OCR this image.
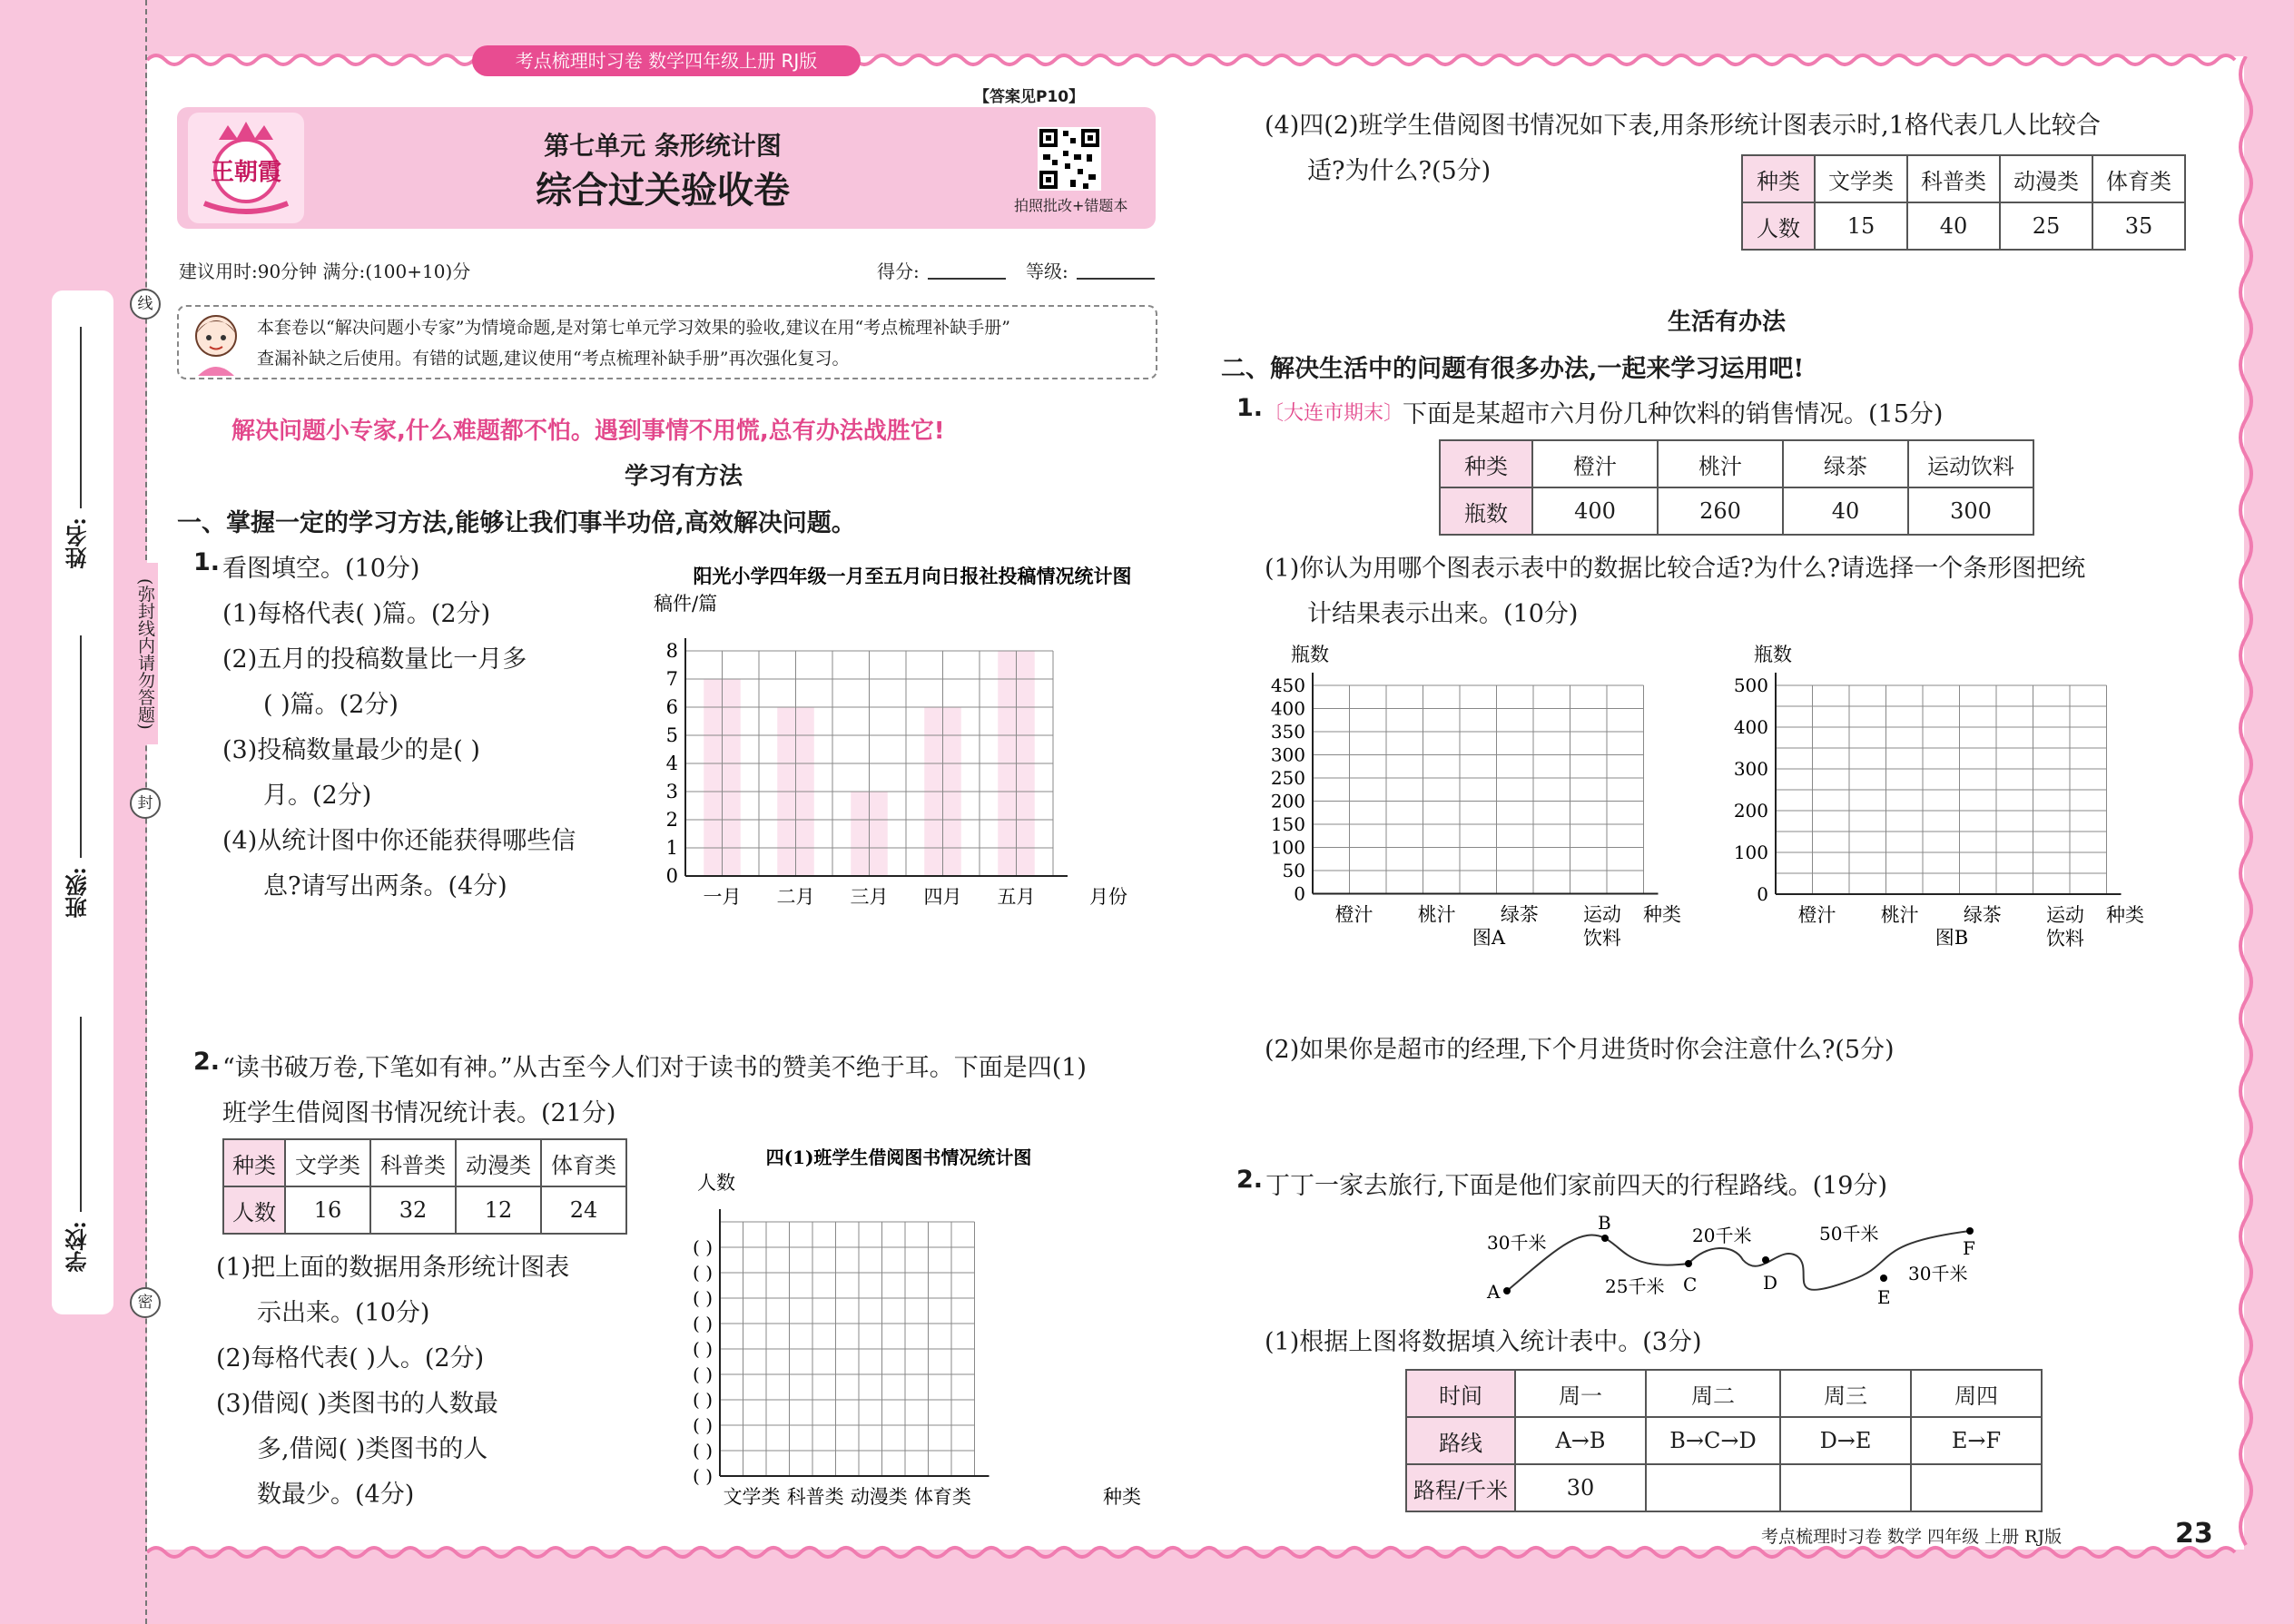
姓名:
班级:
学校:
线
(弥封线内请勿答题)
封
密
考点梳理时习卷 数学四年级上册 RJ版
王朝霞
【答案见P10】
第七单元 条形统计图
综合过关验收卷	拍照批改+错题本
建议用时:90分钟 满分:(100+10)分	得分:	等级:
本套卷以“解决问题小专家”为情境命题,是对第七单元学习效果的验收,建议在用“考点梳理补缺手册”
查漏补缺之后使用。有错的试题,建议使用“考点梳理补缺手册”再次强化复习。
解决问题小专家,什么难题都不怕。遇到事情不用慌,总有办法战胜它!
学习有方法
一、掌握一定的学习方法,能够让我们事半功倍,高效解决问题。
1. 看图填空。(10分)
(1)每格代表( )篇。(2分)
(2)五月的投稿数量比一月多
( )篇。(2分)
(3)投稿数量最少的是( )
月。(2分)
(4)从统计图中你还能获得哪些信
息?请写出两条。(4分)
阳光小学四年级一月至五月向日报社投稿情况统计图
稿件/篇
0
1
2
3
4
5
6
7
8
一月 二月 三月 四月 五月	月份
2. “读书破万卷,下笔如有神。”从古至今人们对于读书的赞美不绝于耳。下面是四(1)
班学生借阅图书情况统计表。(21分)
种类	文学类	科普类	动漫类	体育类
人数	16	32	12	24
(1)把上面的数据用条形统计图表
示出来。(10分)
(2)每格代表( )人。(2分)
(3)借阅( )类图书的人数最
多,借阅( )类图书的人
数最少。(4分)
四(1)班学生借阅图书情况统计图
人数
( )
( )
( )
( )
( )
( )
( )
( )
( )
( )
文学类 科普类 动漫类 体育类	种类
(4)四(2)班学生借阅图书情况如下表,用条形统计图表示时,1格代表几人比较合
适?为什么?(5分)	种类	文学类	科普类	动漫类	体育类
人数	15	40	25	35
生活有办法
二、解决生活中的问题有很多办法,一起来学习运用吧!
1. 〔大连市期末〕
下面是某超市六月份几种饮料的销售情况。(15分)
种类	橙汁	桃汁	绿茶	运动饮料
瓶数	400	260	40	300
(1)你认为用哪个图表示表中的数据比较合适?为什么?请选择一个条形图把统
计结果表示出来。(10分)
瓶数
0
50
100
150
200
250
300
350
400
450
橙汁 桃汁 绿茶 运动
饮料
种类
图A
瓶数
0
100
200
300
400
500
橙汁 桃汁 绿茶 运动
饮料
种类
图B
(2)如果你是超市的经理,下个月进货时你会注意什么?(5分)
2. 丁丁一家去旅行,下面是他们家前四天的行程路线。(19分)
A
B
C	D
E
F
30千米
25千米
20千米	50千米
30千米
(1)根据上图将数据填入统计表中。(3分)
时间	周一	周二	周三	周四
路线	A→B	B→C→D	D→E	E→F
路程/千米	30			
考点梳理时习卷 数学 四年级 上册 RJ版	23
